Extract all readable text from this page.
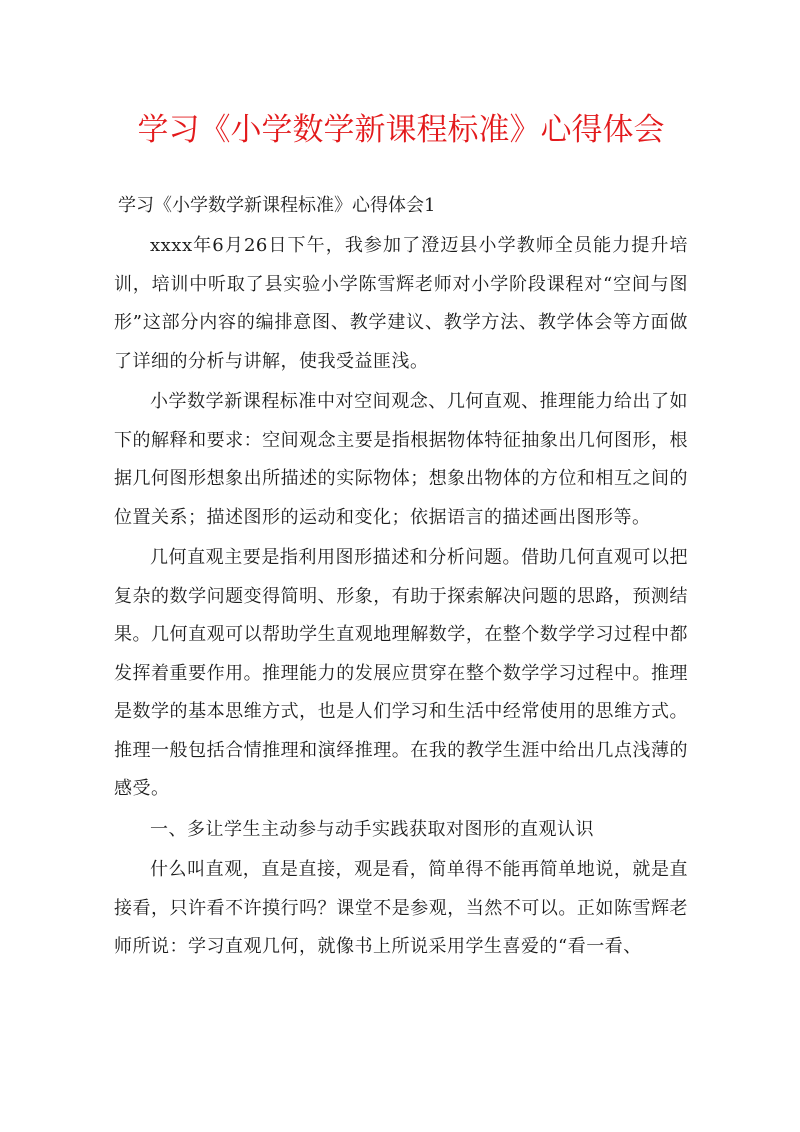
学习《小学数学新课程标准》心得体会
学习《小学数学新课程标准》心得体会1

xxxx年6月26日下午，我参加了澄迈县小学教师全员能力提升培训，培训中听取了县实验小学陈雪辉老师对小学阶段课程对“空间与图形”这部分内容的编排意图、教学建议、教学方法、教学体会等方面做了详细的分析与讲解，使我受益匪浅。

小学数学新课程标准中对空间观念、几何直观、推理能力给出了如下的解释和要求：空间观念主要是指根据物体特征抽象出几何图形，根据几何图形想象出所描述的实际物体；想象出物体的方位和相互之间的位置关系；描述图形的运动和变化；依据语言的描述画出图形等。

几何直观主要是指利用图形描述和分析问题。借助几何直观可以把复杂的数学问题变得简明、形象，有助于探索解决问题的思路，预测结果。几何直观可以帮助学生直观地理解数学，在整个数学学习过程中都发挥着重要作用。推理能力的发展应贯穿在整个数学学习过程中。推理是数学的基本思维方式，也是人们学习和生活中经常使用的思维方式。推理一般包括合情推理和演绎推理。在我的教学生涯中给出几点浅薄的感受。

一、多让学生主动参与动手实践获取对图形的直观认识

什么叫直观，直是直接，观是看，简单得不能再简单地说，就是直接看，只许看不许摸行吗？课堂不是参观，当然不可以。正如陈雪辉老师所说：学习直观几何，就像书上所说采用学生喜爱的“看一看、
